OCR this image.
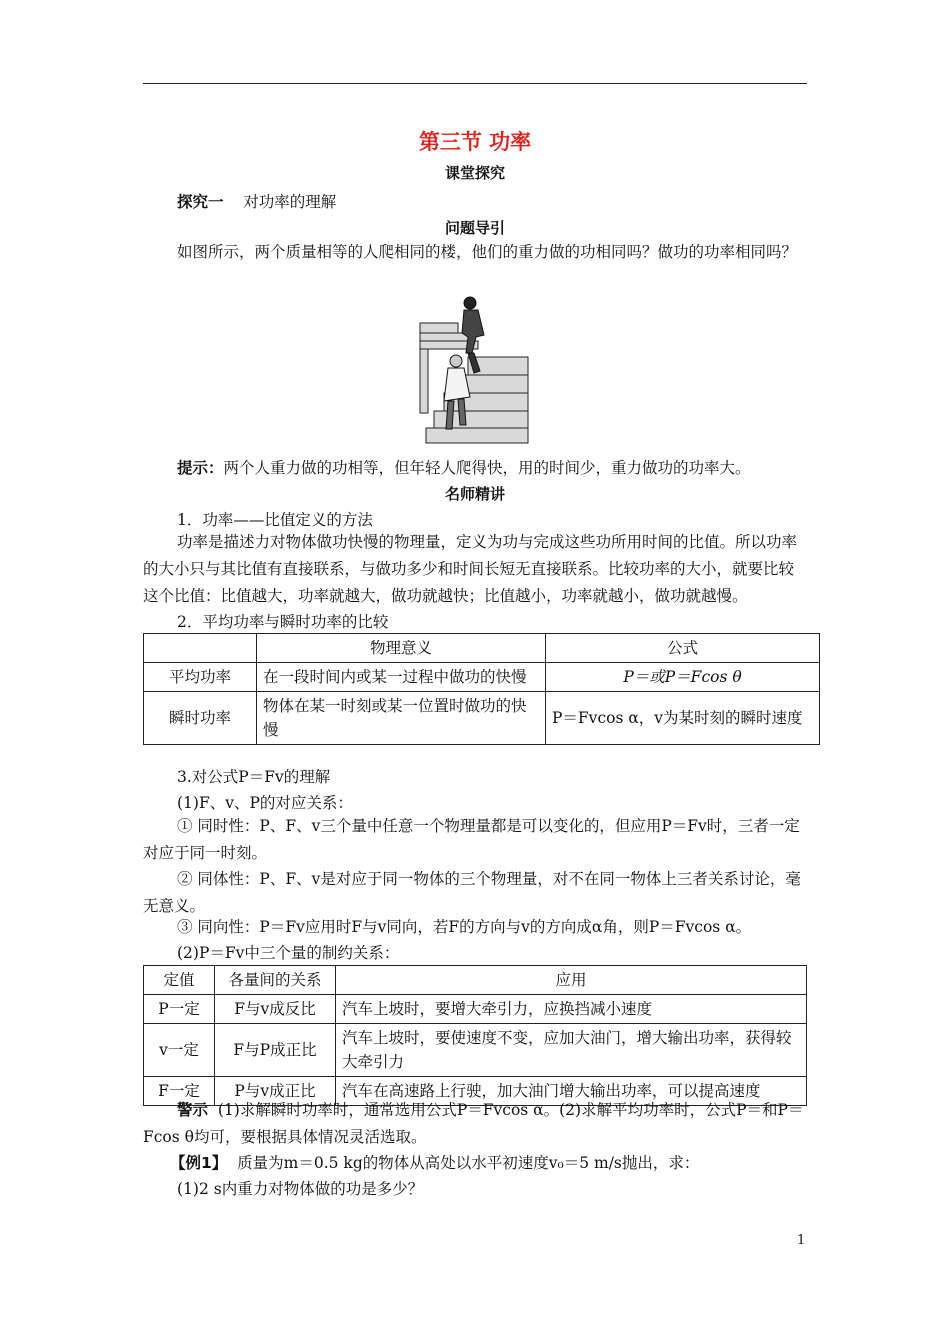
第三节 功率
课堂探究
探究一 对功率的理解
问题导引
如图所示，两个质量相等的人爬相同的楼，他们的重力做的功相同吗？做功的功率相同吗？
提示：两个人重力做的功相等，但年轻人爬得快，用的时间少，重力做功的功率大。
名师精讲
1．功率——比值定义的方法
功率是描述力对物体做功快慢的物理量，定义为功与完成这些功所用时间的比值。所以功率的大小只与其比值有直接联系，与做功多少和时间长短无直接联系。比较功率的大小，就要比较这个比值：比值越大，功率就越大，做功就越快；比值越小，功率就越小，做功就越慢。
2．平均功率与瞬时功率的比较
	物理意义	公式
平均功率	在一段时间内或某一过程中做功的快慢	P＝或P＝Fcos θ
瞬时功率	物体在某一时刻或某一位置时做功的快慢	P＝Fvcos α，v为某时刻的瞬时速度
3.对公式P＝Fv的理解
(1)F、v、P的对应关系：
① 同时性：P、F、v三个量中任意一个物理量都是可以变化的，但应用P＝Fv时，三者一定对应于同一时刻。
② 同体性：P、F、v是对应于同一物体的三个物理量，对不在同一物体上三者关系讨论，毫无意义。
③ 同向性：P＝Fv应用时F与v同向，若F的方向与v的方向成α角，则P＝Fvcos α。
(2)P＝Fv中三个量的制约关系：
定值	各量间的关系	应用
P一定	F与v成反比	汽车上坡时，要增大牵引力，应换挡减小速度
v一定	F与P成正比	汽车上坡时，要使速度不变，应加大油门，增大输出功率，获得较大牵引力
F一定	P与v成正比	汽车在高速路上行驶，加大油门增大输出功率，可以提高速度
警示 (1)求解瞬时功率时，通常选用公式P＝Fvcos α。(2)求解平均功率时，公式P＝和P＝Fcos θ均可，要根据具体情况灵活选取。
【例1】 质量为m＝0.5 kg的物体从高处以水平初速度v₀＝5 m/s抛出，求：
(1)2 s内重力对物体做的功是多少？
1
